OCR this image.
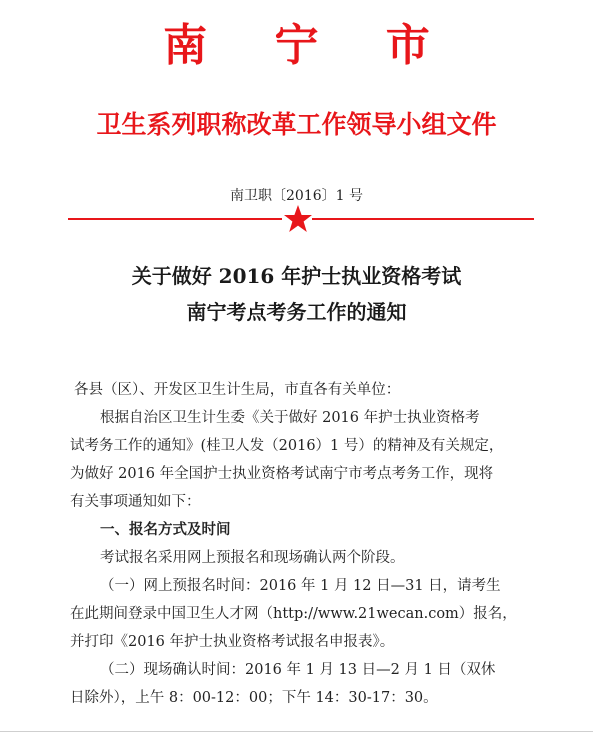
南 宁 市
卫生系列职称改革工作领导小组文件
南卫职〔2016〕1 号
关于做好 2016 年护士执业资格考试
南宁考点考务工作的通知
各县（区）、开发区卫生计生局，市直各有关单位：
根据自治区卫生计生委《关于做好 2016 年护士执业资格考
试考务工作的通知》(桂卫人发（2016）1 号）的精神及有关规定，
为做好 2016 年全国护士执业资格考试南宁市考点考务工作，现将
有关事项通知如下：
一、报名方式及时间
考试报名采用网上预报名和现场确认两个阶段。
（一）网上预报名时间：2016 年 1 月 12 日—31 日，请考生
在此期间登录中国卫生人才网（http://www.21wecan.com）报名，
并打印《2016 年护士执业资格考试报名申报表》。
（二）现场确认时间：2016 年 1 月 13 日—2 月 1 日（双休
日除外），上午 8：00-12：00；下午 14：30-17：30。
